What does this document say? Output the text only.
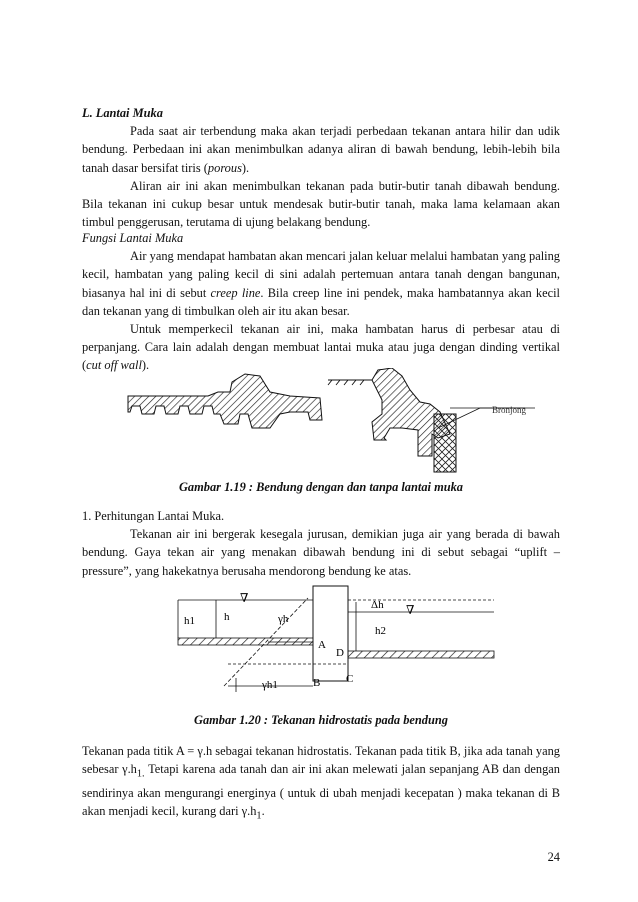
L. Lantai Muka

Pada saat air terbendung maka akan terjadi perbedaan tekanan antara hilir dan udik bendung. Perbedaan ini akan menimbulkan adanya aliran di bawah bendung, lebih-lebih bila tanah dasar bersifat tiris (porous).

Aliran air ini akan menimbulkan tekanan pada butir-butir tanah dibawah bendung. Bila tekanan ini cukup besar untuk mendesak butir-butir tanah, maka lama kelamaan akan timbul penggerusan, terutama di ujung belakang bendung.

Fungsi Lantai Muka

Air yang mendapat hambatan akan mencari jalan keluar melalui hambatan yang paling kecil, hambatan yang paling kecil di sini adalah pertemuan antara tanah dengan bangunan, biasanya hal ini di sebut creep line. Bila creep line ini pendek, maka hambatannya akan kecil dan tekanan yang di timbulkan oleh air itu akan besar.

Untuk memperkecil tekanan air ini, maka hambatan harus di perbesar atau di perpanjang. Cara lain adalah dengan membuat lantai muka atau juga dengan dinding vertikal (cut off wall).

Bronjong
Gambar 1.19 : Bendung dengan dan tanpa lantai muka

1. Perhitungan Lantai Muka.

Tekanan air ini bergerak kesegala jurusan, demikian juga air yang berada di bawah bendung. Gaya tekan air yang menakan dibawah bendung ini di sebut sebagai “uplift – pressure”, yang hakekatnya berusaha mendorong bendung ke atas.

∇
∇
h1	h	γh
Δh
h2
A
D
B C
γh1
Gambar 1.20 : Tekanan hidrostatis pada bendung

Tekanan pada titik A = γ.h sebagai tekanan hidrostatis. Tekanan pada titik B, jika ada tanah yang sebesar $\gamma.h_{1.}$ Tetapi karena ada tanah dan air ini akan melewati jalan sepanjang AB dan dengan sendirinya akan mengurangi energinya ( untuk di ubah menjadi kecepatan ) maka tekanan di B akan menjadi kecil, kurang dari $\gamma.h_1$.

24
